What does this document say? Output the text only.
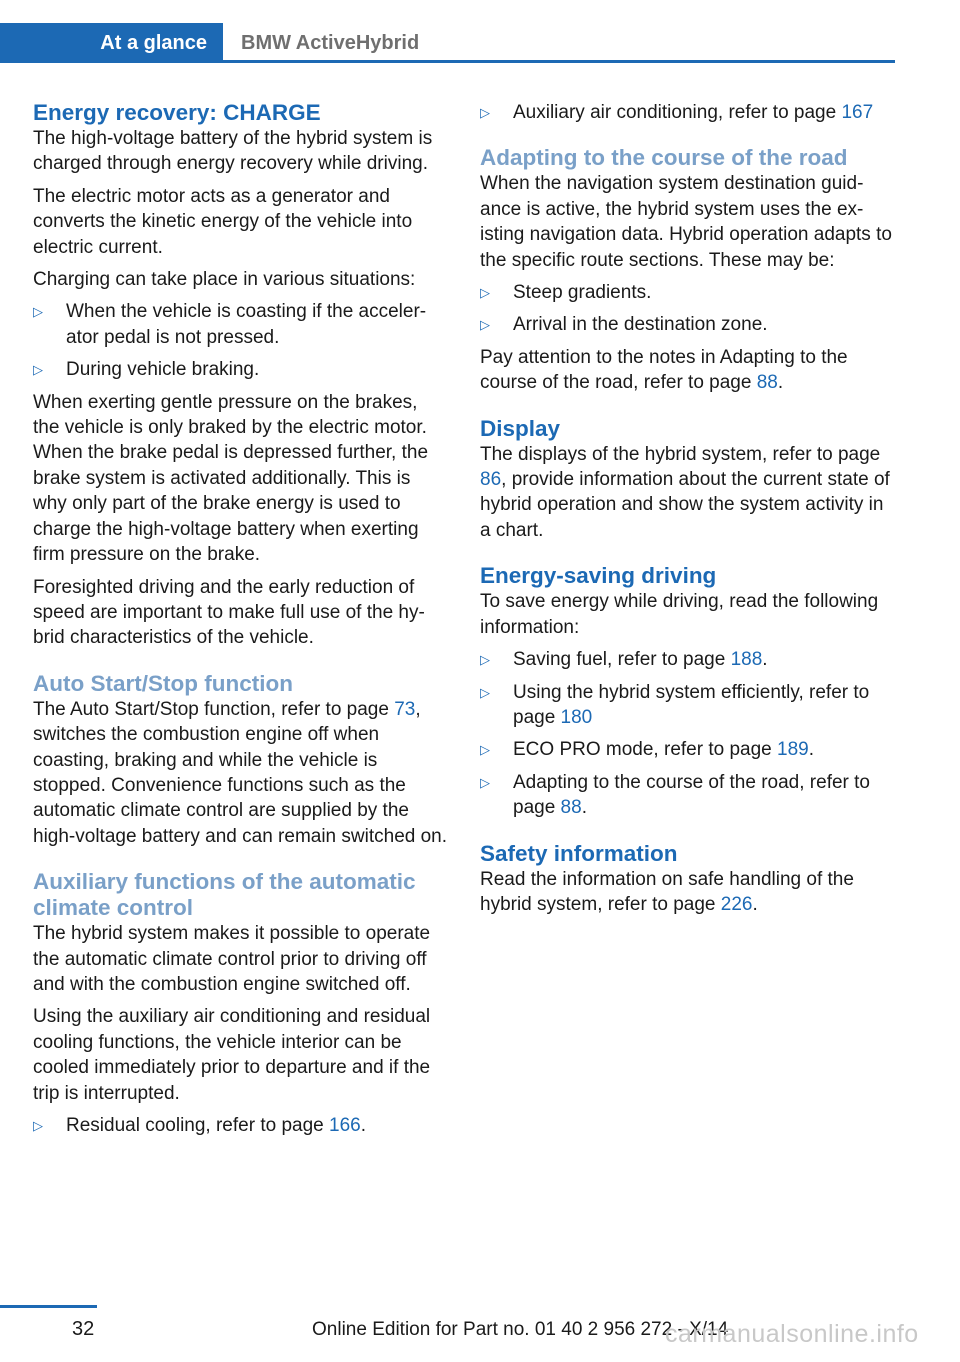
At a glance	BMW ActiveHybrid
Energy recovery: CHARGE

The high-voltage battery of the hybrid system is charged through energy recovery while driving.

The electric motor acts as a generator and converts the kinetic energy of the vehicle into electric current.

Charging can take place in various situations:

▷ When the vehicle is coasting if the accelerator pedal is not pressed.
▷ During vehicle braking.

When exerting gentle pressure on the brakes, the vehicle is only braked by the electric motor. When the brake pedal is depressed further, the brake system is activated additionally. This is why only part of the brake energy is used to charge the high-voltage battery when exerting firm pressure on the brake.

Foresighted driving and the early reduction of speed are important to make full use of the hybrid characteristics of the vehicle.

Auto Start/Stop function

The Auto Start/Stop function, refer to page 73, switches the combustion engine off when coasting, braking and while the vehicle is stopped. Convenience functions such as the automatic climate control are supplied by the high-voltage battery and can remain switched on.

Auxiliary functions of the automatic climate control

The hybrid system makes it possible to operate the automatic climate control prior to driving off and with the combustion engine switched off.

Using the auxiliary air conditioning and residual cooling functions, the vehicle interior can be cooled immediately prior to departure and if the trip is interrupted.

▷ Residual cooling, refer to page 166.
▷ Auxiliary air conditioning, refer to page 167
Adapting to the course of the road

When the navigation system destination guidance is active, the hybrid system uses the existing navigation data. Hybrid operation adapts to the specific route sections. These may be:

▷ Steep gradients.
▷ Arrival in the destination zone.

Pay attention to the notes in Adapting to the course of the road, refer to page 88.

Display

The displays of the hybrid system, refer to page 86, provide information about the current state of hybrid operation and show the system activity in a chart.

Energy-saving driving

To save energy while driving, read the following information:

▷ Saving fuel, refer to page 188.
▷ Using the hybrid system efficiently, refer to page 180
▷ ECO PRO mode, refer to page 189.
▷ Adapting to the course of the road, refer to page 88.
Safety information

Read the information on safe handling of the hybrid system, refer to page 226.

32	Online Edition for Part no. 01 40 2 956 272 - X/14
carmanualsonline.info
